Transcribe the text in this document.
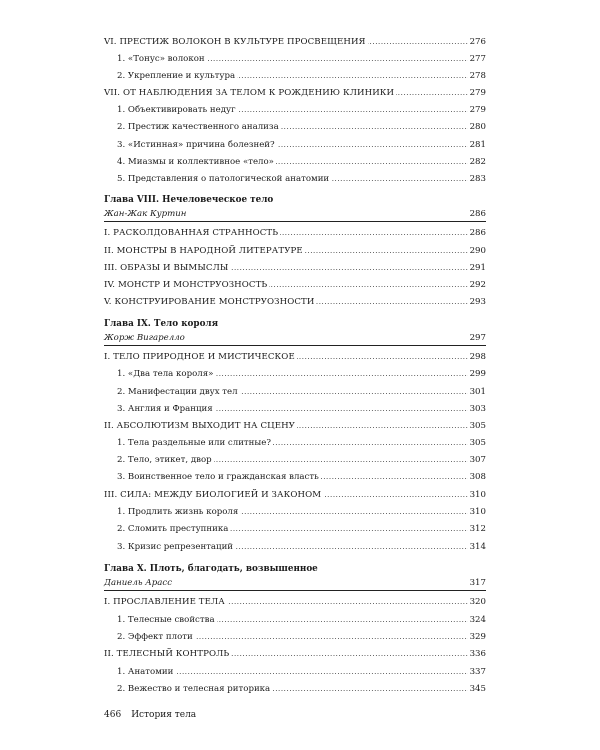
.....
VI. ПРЕСТИЖ ВОЛОКОН В КУЛЬТУРЕ ПРОСВЕЩЕНИЯ	276
.....
1. «Тонус» волокон	277
.....
2. Укрепление и культура	278
.....
VII. ОТ НАБЛЮДЕНИЯ ЗА ТЕЛОМ К РОЖДЕНИЮ КЛИНИКИ	279
.....
1. Объективировать недуг	279
.....
2. Престиж качественного анализа	280
.....
3. «Истинная» причина болезней?	281
.....
4. Миазмы и коллективное «тело»	282
.....
5. Представления о патологической анатомии	283
Глава VIII. Нечеловеческое тело
Жан-Жак Куртин	286
.....
I. РАСКОЛДОВАННАЯ СТРАННОСТЬ	286
.....
II. МОНСТРЫ В НАРОДНОЙ ЛИТЕРАТУРЕ	290
.....
III. ОБРАЗЫ И ВЫМЫСЛЫ	291
.....
IV. МОНСТР И МОНСТРУОЗНОСТЬ	292
.....
V. КОНСТРУИРОВАНИЕ МОНСТРУОЗНОСТИ	293
Глава IX. Тело короля
Жорж Вигарелло	297
.....
I. ТЕЛО ПРИРОДНОЕ И МИСТИЧЕСКОЕ	298
.....
1. «Два тела короля»	299
.....
2. Манифестации двух тел	301
.....
3. Англия и Франция	303
.....
II. АБСОЛЮТИЗМ ВЫХОДИТ НА СЦЕНУ	305
.....
1. Тела раздельные или слитные?	305
.....
2. Тело, этикет, двор	307
.....
3. Воинственное тело и гражданская власть	308
.....
III. СИЛА: МЕЖДУ БИОЛОГИЕЙ И ЗАКОНОМ	310
.....
1. Продлить жизнь короля	310
.....
2. Сломить преступника	312
.....
3. Кризис репрезентаций	314
Глава X. Плоть, благодать, возвышенное
Даниель Арасс	317
.....
I. ПРОСЛАВЛЕНИЕ ТЕЛА	320
.....
1. Телесные свойства	324
.....
2. Эффект плоти	329
.....
II. ТЕЛЕСНЫЙ КОНТРОЛЬ	336
.....
1. Анатомии	337
.....
2. Вежество и телесная риторика	345
466 История тела
